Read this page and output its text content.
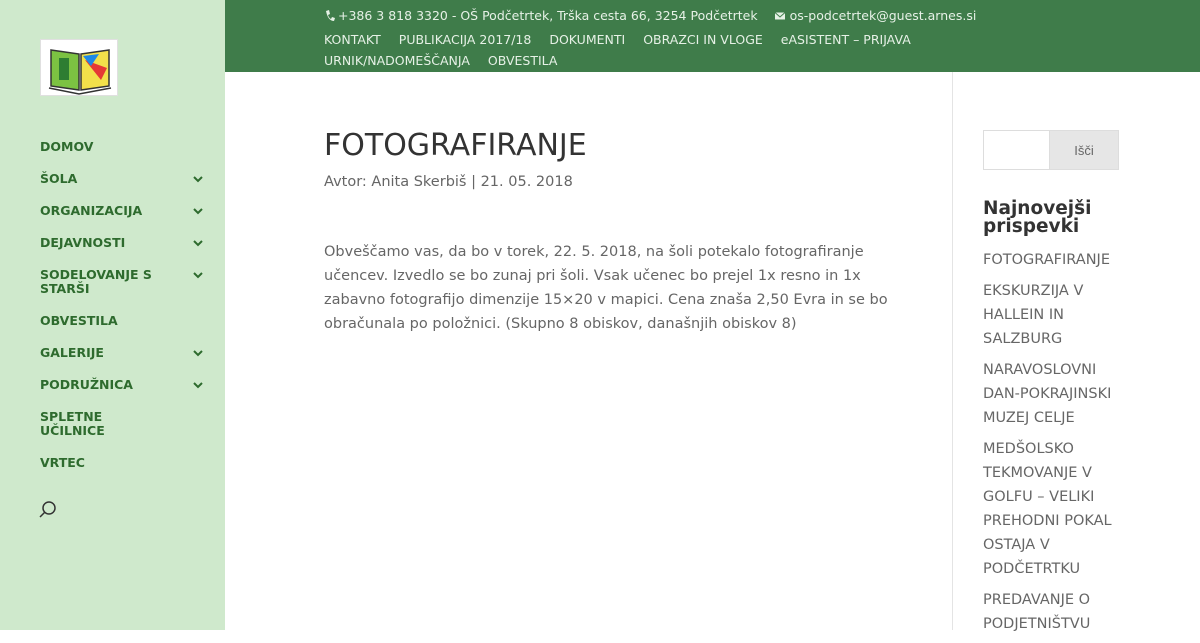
DOMOV
ŠOLA
ORGANIZACIJA
DEJAVNOSTI
SODELOVANJE S STARŠI
OBVESTILA
GALERIJE
PODRUŽNICA
SPLETNE UČILNICE
VRTEC
+386 3 818 3320 - OŠ Podčetrtek, Trška cesta 66, 3254 Podčetrtek	os-podcetrtek@guest.arnes.si
KONTAKT PUBLIKACIJA 2017/18 DOKUMENTI OBRAZCI IN VLOGE eASISTENT – PRIJAVAURNIK/NADOMEŠČANJA OBVESTILA
FOTOGRAFIRANJE
Avtor: Anita Skerbiš | 21. 05. 2018

Obveščamo vas, da bo v torek, 22. 5. 2018, na šoli potekalo fotografiranje učencev. Izvedlo se bo zunaj pri šoli. Vsak učenec bo prejel 1x resno in 1x zabavno fotografijo dimenzije 15×20 v mapici. Cena znaša 2,50 Evra in se bo obračunala po položnici. (Skupno 8 obiskov, današnjih obiskov 8)

Išči
Najnovejši prispevki
FOTOGRAFIRANJE
EKSKURZIJA V HALLEIN IN SALZBURG
NARAVOSLOVNI DAN-POKRAJINSKI MUZEJ CELJE
MEDŠOLSKO TEKMOVANJE V GOLFU – VELIKI PREHODNI POKAL OSTAJA V PODČETRTKU
PREDAVANJE O PODJETNIŠTVU
